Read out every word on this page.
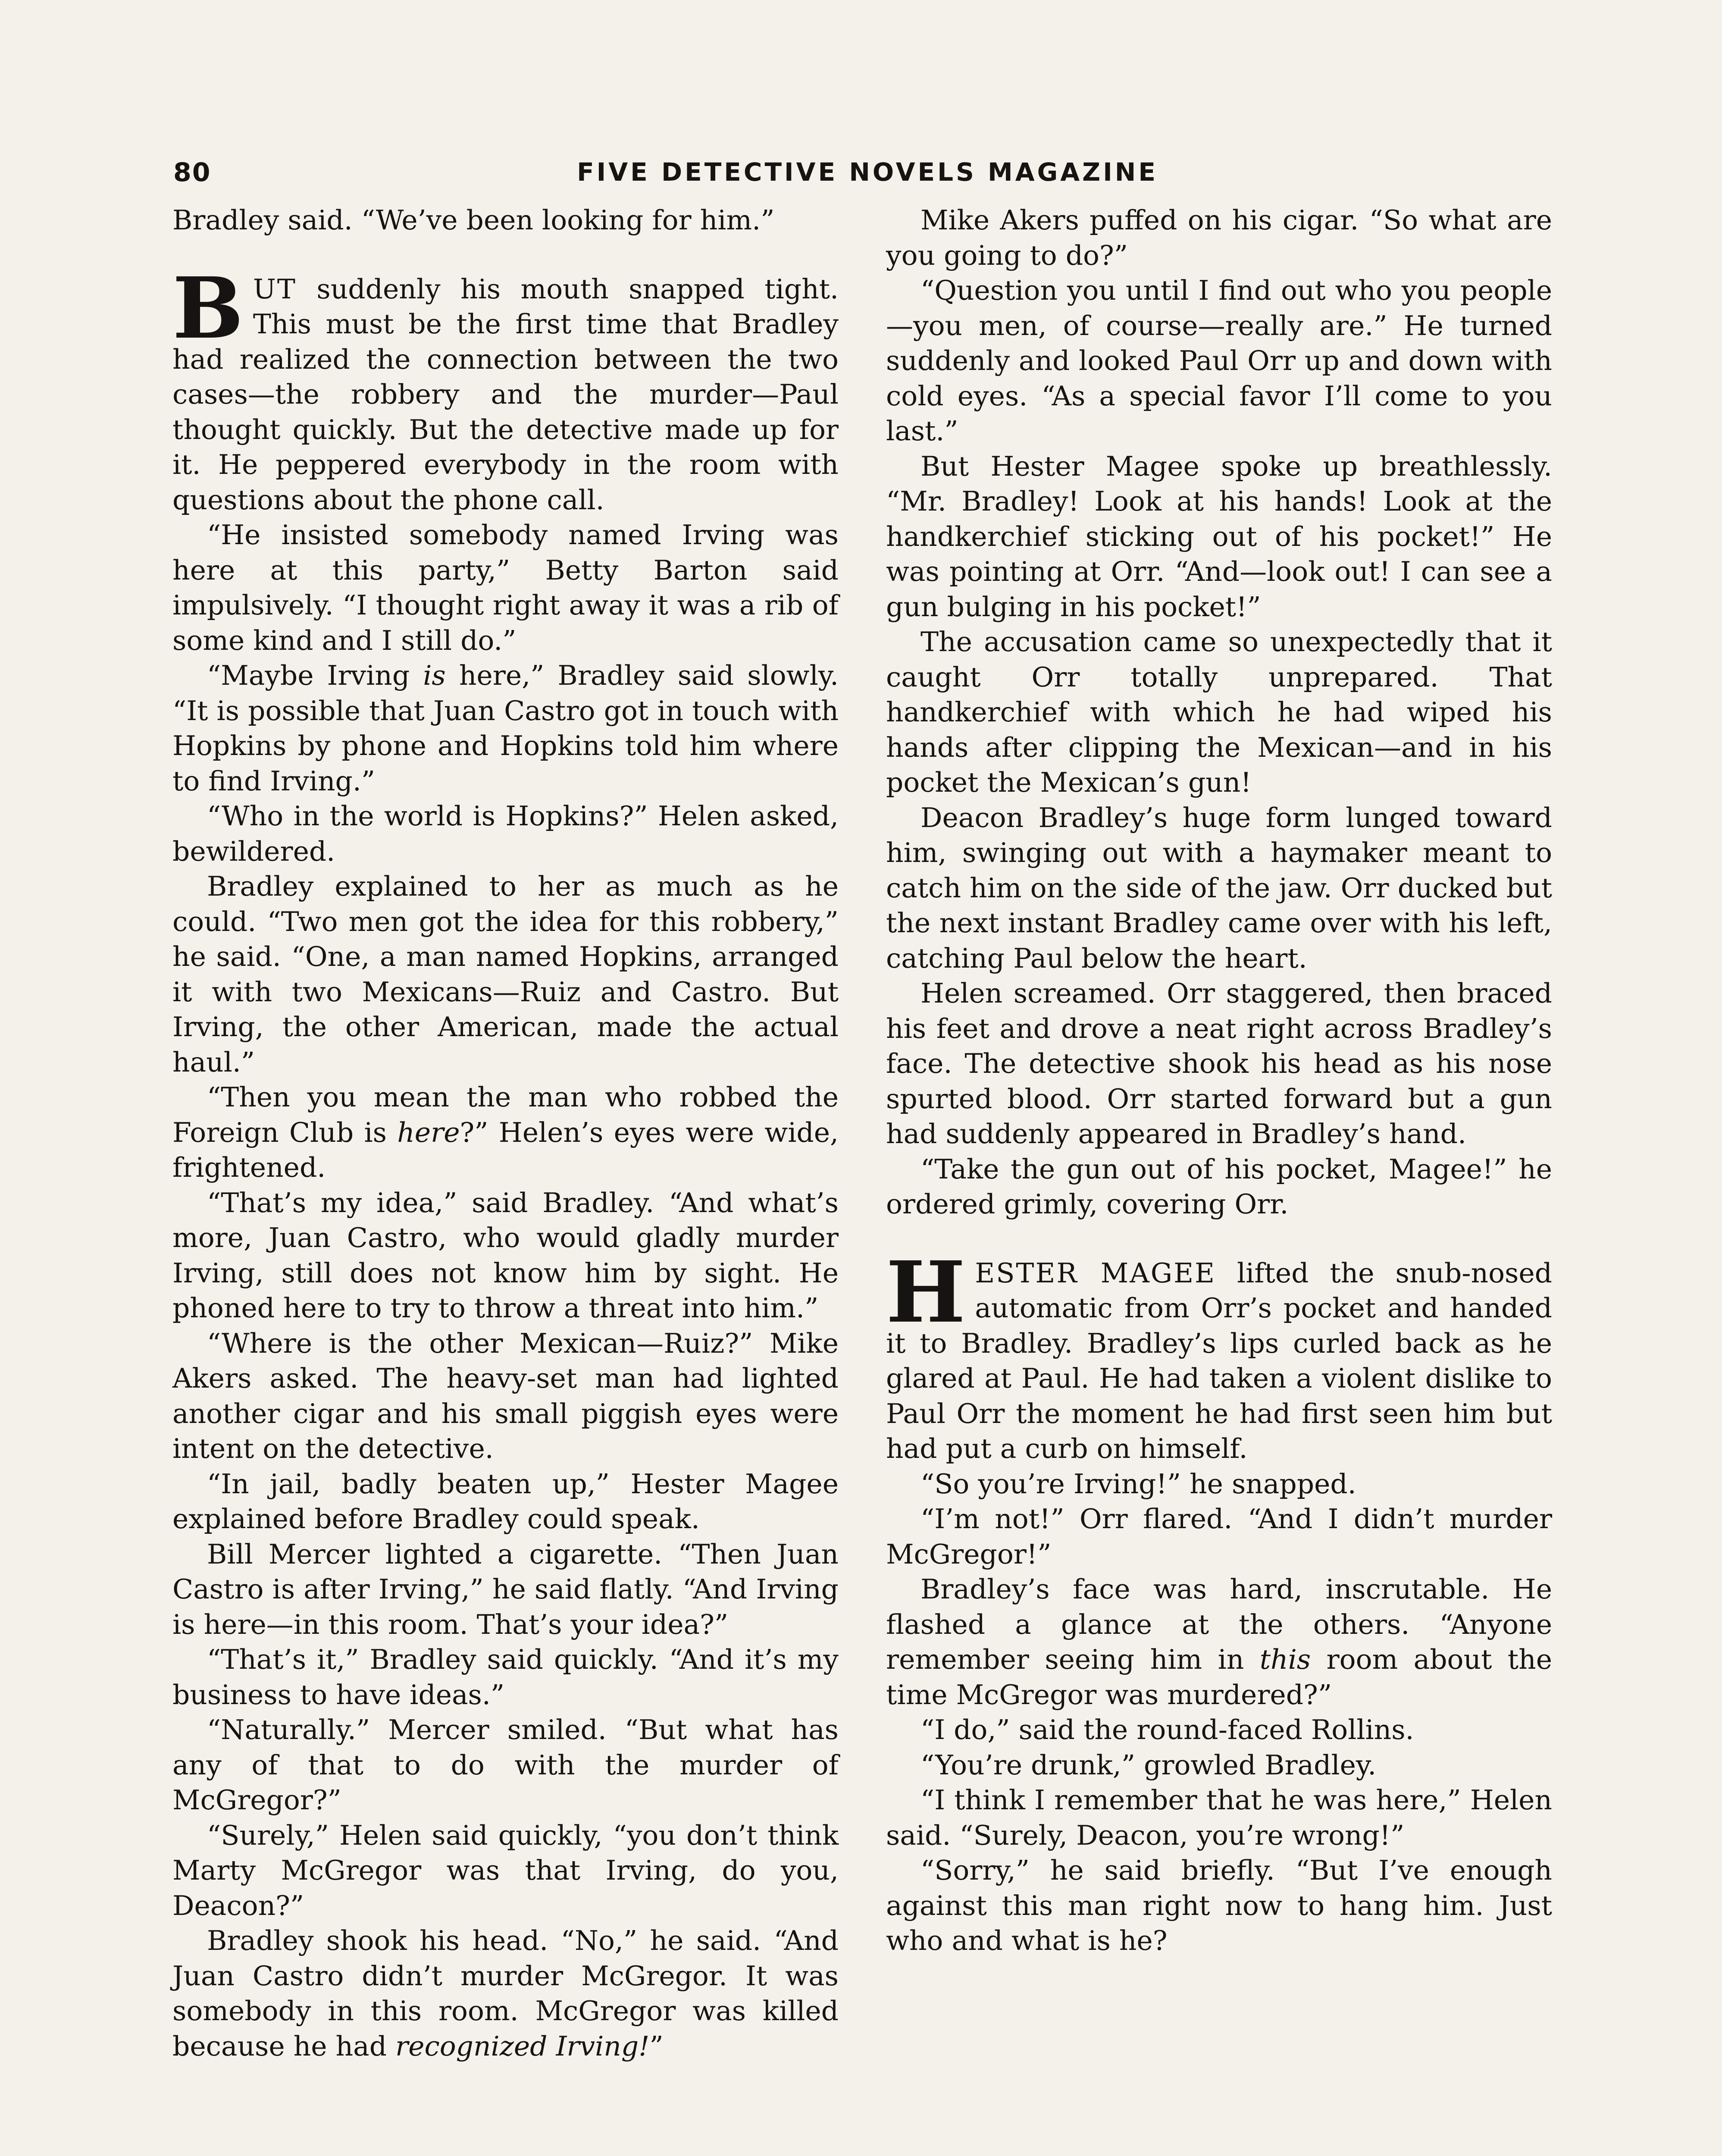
80	FIVE DETECTIVE NOVELS MAGAZINE

Bradley said. “We’ve been looking for him.”

BUT suddenly his mouth snapped tight. This must be the first time that Bradley had realized the connection between the two cases—the robbery and the murder—Paul thought quickly. But the detective made up for it. He peppered everybody in the room with questions about the phone call.

“He insisted somebody named Irving was here at this party,” Betty Barton said impulsively. “I thought right away it was a rib of some kind and I still do.”

“Maybe Irving is here,” Bradley said slowly. “It is possible that Juan Castro got in touch with Hopkins by phone and Hopkins told him where to find Irving.”

“Who in the world is Hopkins?” Helen asked, bewildered.

Bradley explained to her as much as he could. “Two men got the idea for this robbery,” he said. “One, a man named Hopkins, arranged it with two Mexicans—Ruiz and Castro. But Irving, the other American, made the actual haul.”

“Then you mean the man who robbed the Foreign Club is here?” Helen’s eyes were wide, frightened.

“That’s my idea,” said Bradley. “And what’s more, Juan Castro, who would gladly murder Irving, still does not know him by sight. He phoned here to try to throw a threat into him.”

“Where is the other Mexican—Ruiz?” Mike Akers asked. The heavy-set man had lighted another cigar and his small piggish eyes were intent on the detective.

“In jail, badly beaten up,” Hester Magee explained before Bradley could speak.

Bill Mercer lighted a cigarette. “Then Juan Castro is after Irving,” he said flatly. “And Irving is here—in this room. That’s your idea?”

“That’s it,” Bradley said quickly. “And it’s my business to have ideas.”

“Naturally.” Mercer smiled. “But what has any of that to do with the murder of McGregor?”

“Surely,” Helen said quickly, “you don’t think Marty McGregor was that Irving, do you, Deacon?”

Bradley shook his head. “No,” he said. “And Juan Castro didn’t murder McGregor. It was somebody in this room. McGregor was killed because he had recognized Irving!”

Mike Akers puffed on his cigar. “So what are you going to do?”

“Question you until I find out who you people—you men, of course—really are.” He turned suddenly and looked Paul Orr up and down with cold eyes. “As a special favor I’ll come to you last.”

But Hester Magee spoke up breathlessly. “Mr. Bradley! Look at his hands! Look at the handkerchief sticking out of his pocket!” He was pointing at Orr. “And—look out! I can see a gun bulging in his pocket!”

The accusation came so unexpectedly that it caught Orr totally unprepared. That handkerchief with which he had wiped his hands after clipping the Mexican—and in his pocket the Mexican’s gun!

Deacon Bradley’s huge form lunged toward him, swinging out with a haymaker meant to catch him on the side of the jaw. Orr ducked but the next instant Bradley came over with his left, catching Paul below the heart.

Helen screamed. Orr staggered, then braced his feet and drove a neat right across Bradley’s face. The detective shook his head as his nose spurted blood. Orr started forward but a gun had suddenly appeared in Bradley’s hand.

“Take the gun out of his pocket, Magee!” he ordered grimly, covering Orr.

HESTER MAGEE lifted the snub-nosed automatic from Orr’s pocket and handed it to Bradley. Bradley’s lips curled back as he glared at Paul. He had taken a violent dislike to Paul Orr the moment he had first seen him but had put a curb on himself.

“So you’re Irving!” he snapped.

“I’m not!” Orr flared. “And I didn’t murder McGregor!”

Bradley’s face was hard, inscrutable. He flashed a glance at the others. “Anyone remember seeing him in this room about the time McGregor was murdered?”

“I do,” said the round-faced Rollins.

“You’re drunk,” growled Bradley.

“I think I remember that he was here,” Helen said. “Surely, Deacon, you’re wrong!”

“Sorry,” he said briefly. “But I’ve enough against this man right now to hang him. Just who and what is he?
